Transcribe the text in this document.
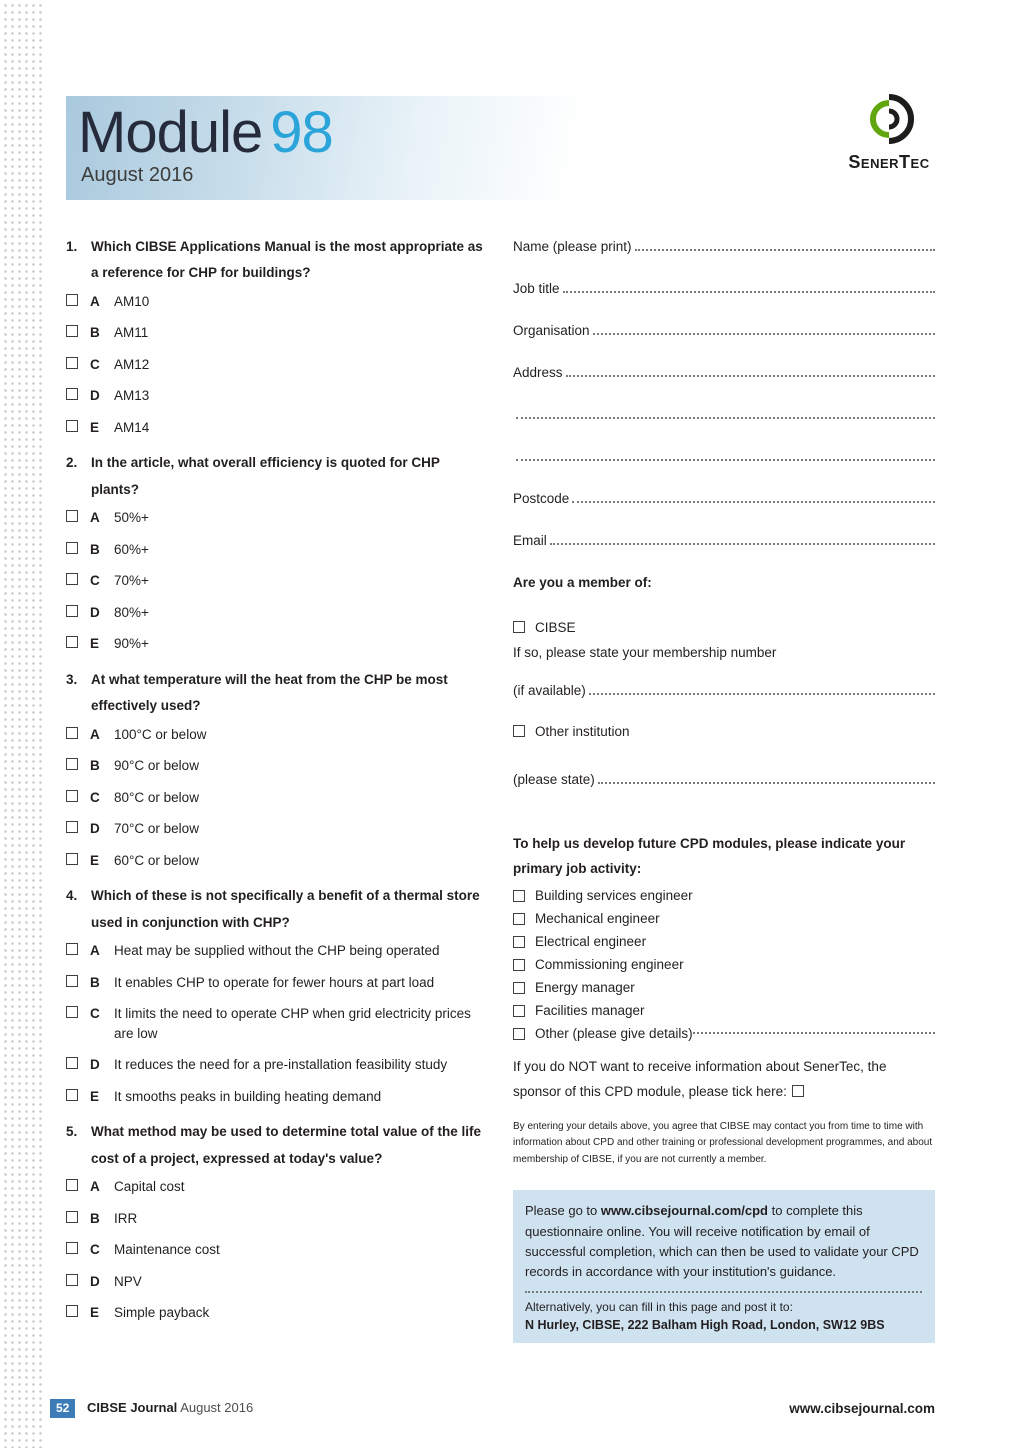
Module 98
August 2016
SenerTec
1.	Which CIBSE Applications Manual is the most appropriate as a reference for CHP for buildings?
A	AM10
B	AM11
C	AM12
D	AM13
E	AM14
2.	In the article, what overall efficiency is quoted for CHP plants?
A	50%+
B	60%+
C	70%+
D	80%+
E	90%+
3.	At what temperature will the heat from the CHP be most effectively used?
A	100°C or below
B	90°C or below
C	80°C or below
D	70°C or below
E	60°C or below
4.	Which of these is not specifically a benefit of a thermal store used in conjunction with CHP?
A	Heat may be supplied without the CHP being operated
B	It enables CHP to operate for fewer hours at part load
C	It limits the need to operate CHP when grid electricity prices are low
D	It reduces the need for a pre-installation feasibility study
E	It smooths peaks in building heating demand
5.	What method may be used to determine total value of the life cost of a project, expressed at today's value?
A	Capital cost
B	IRR
C	Maintenance cost
D	NPV
E	Simple payback
Name (please print)
Job title
Organisation
Address
Postcode
Email
Are you a member of:
CIBSE

If so, please state your membership number

(if available)
Other institution
(please state)
To help us develop future CPD modules, please indicate your primary job activity:
Building services engineer
Mechanical engineer
Electrical engineer
Commissioning engineer
Energy manager
Facilities manager
Other (please give details)

If you do NOT want to receive information about SenerTec, the sponsor of this CPD module, please tick here:

By entering your details above, you agree that CIBSE may contact you from time to time with information about CPD and other training or professional development programmes, and about membership of CIBSE, if you are not currently a member.

Please go to www.cibsejournal.com/cpd to complete this questionnaire online. You will receive notification by email of successful completion, which can then be used to validate your CPD records in accordance with your institution's guidance.

Alternatively, you can fill in this page and post it to:

N Hurley, CIBSE, 222 Balham High Road, London, SW12 9BS

52 CIBSE Journal August 2016	www.cibsejournal.com
